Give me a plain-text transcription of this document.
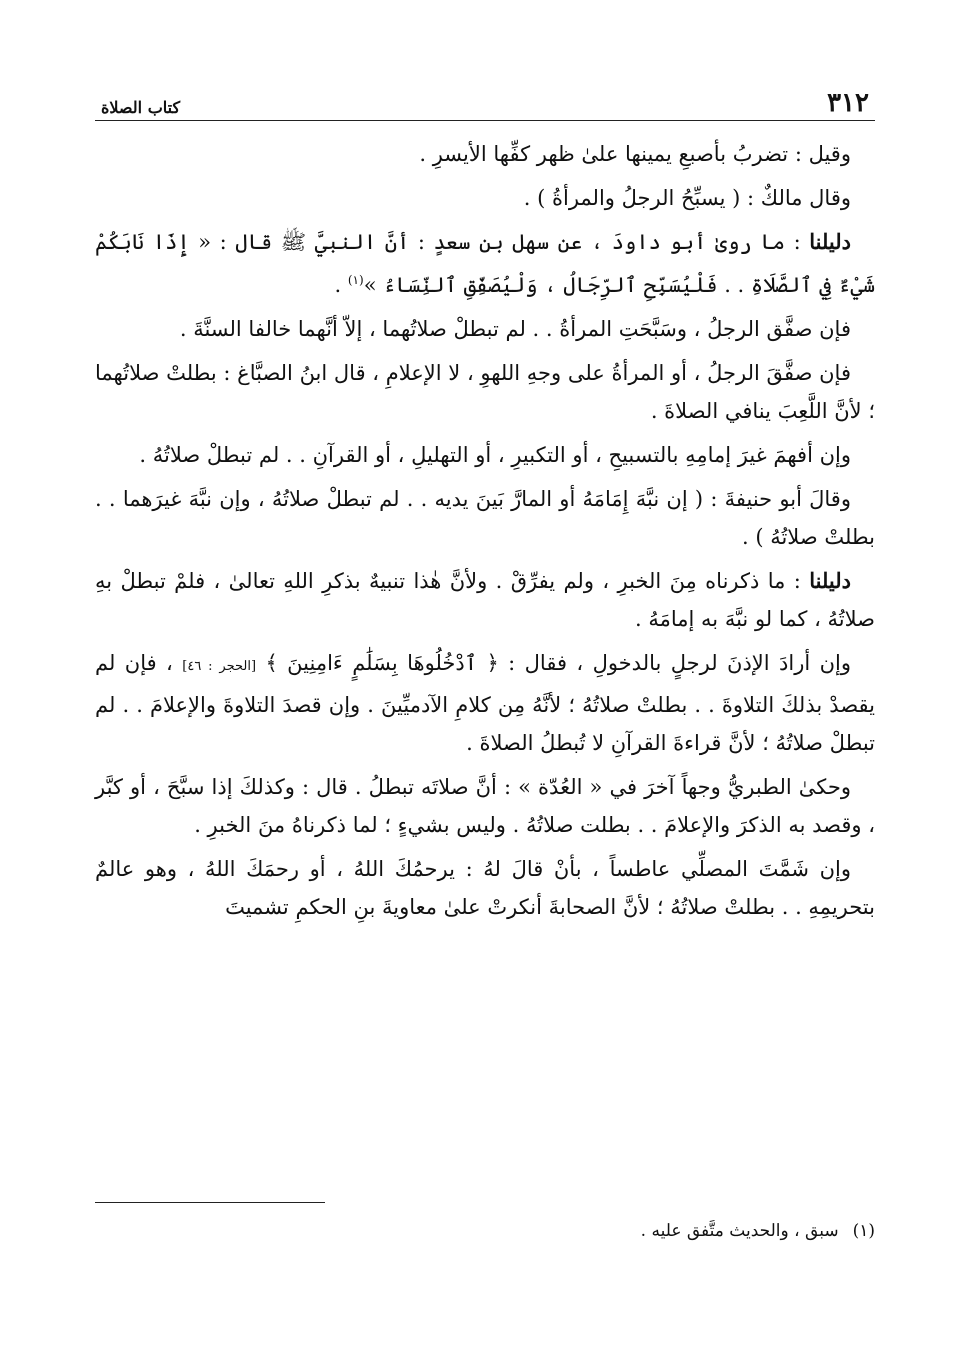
٣١٢
كتاب الصلاة

وقيل : تضربُ بأصبعِ يمينها علىٰ ظهر كفِّها الأيسرِ .

وقال مالكٌ : ( يسبِّحُ الرجلُ والمرأةُ ) .

دليلنا : ما روىٰ أبو داودَ ، عن سهل بن سعدٍ : أنَّ النبيَّ ﷺ قال : « إِذَا نَابَكُمْ شَيْءٌ فِي ٱلصَّلَاةِ . . فَلْيُسَبِّحِ ٱلرِّجَالُ ، وَلْيُصَفِّقِ ٱلنِّسَاءُ »$^{(١)}$ .

فإن صفَّق الرجلُ ، وسَبَّحَتِ المرأةُ . . لم تبطلْ صلاتُهما ، إلاّ أنَّهما خالفا السنَّةَ .

فإن صفَّقَ الرجلُ ، أو المرأةُ على وجهِ اللهوِ ، لا الإعلامِ ، قال ابنُ الصبَّاغ : بطلتْ صلاتُهما ؛ لأنَّ اللَّعِبَ ينافي الصلاةَ .

وإن أفهمَ غيرَ إمامِهِ بالتسبيحِ ، أو التكبيرِ ، أو التهليلِ ، أو القرآنِ . . لم تبطلْ صلاتُهُ .

وقالَ أبو حنيفةَ : ( إن نبَّهَ إِمَامَهُ أو المارَّ بَينَ يديه . . لم تبطلْ صلاتُهُ ، وإن نبَّهَ غيرَهما . . بطلتْ صلاتُهُ ) .

دليلنا : ما ذكرناه مِنَ الخبرِ ، ولم يفرِّقْ . ولأنَّ هٰذا تنبيهٌ بذكرِ اللهِ تعالىٰ ، فلمْ تبطلْ بهِ صلاتُهُ ، كما لو نبَّهَ به إمامَهُ .

وإن أرادَ الإذنَ لرجلٍ بالدخولِ ، فقال : ﴿ ٱدْخُلُوهَا بِسَلَٰمٍ ءَامِنِينَ ﴾ [الحجر : ٤٦] ، فإن لم يقصدْ بذلكَ التلاوةَ . . بطلتْ صلاتُهُ ؛ لأنَّهُ مِن كلامِ الآدميِّينَ . وإن قصدَ التلاوةَ والإعلامَ . . لم تبطلْ صلاتُهُ ؛ لأنَّ قراءةَ القرآنِ لا تُبطلُ الصلاةَ .

وحكىٰ الطبريُّ وجهاً آخرَ في « العُدّة » : أنَّ صلاتَه تبطلُ . قال : وكذلكَ إذا سبَّحَ ، أو كبَّر ، وقصد به الذكرَ والإعلامَ . . بطلت صلاتُهُ . وليس بشيءٍ ؛ لما ذكرناهُ منَ الخبرِ .

وإن شَمَّتَ المصلِّي عاطساً ، بأنْ قالَ لهُ : يرحمُكَ اللهُ ، أو رحمَكَ اللهُ ، وهو عالمٌ بتحريمِهِ . . بطلتْ صلاتُهُ ؛ لأنَّ الصحابةَ أنكرتْ علىٰ معاويةَ بنِ الحكمِ تشميتَ

(١)سبق ، والحديث متَّفق عليه .
